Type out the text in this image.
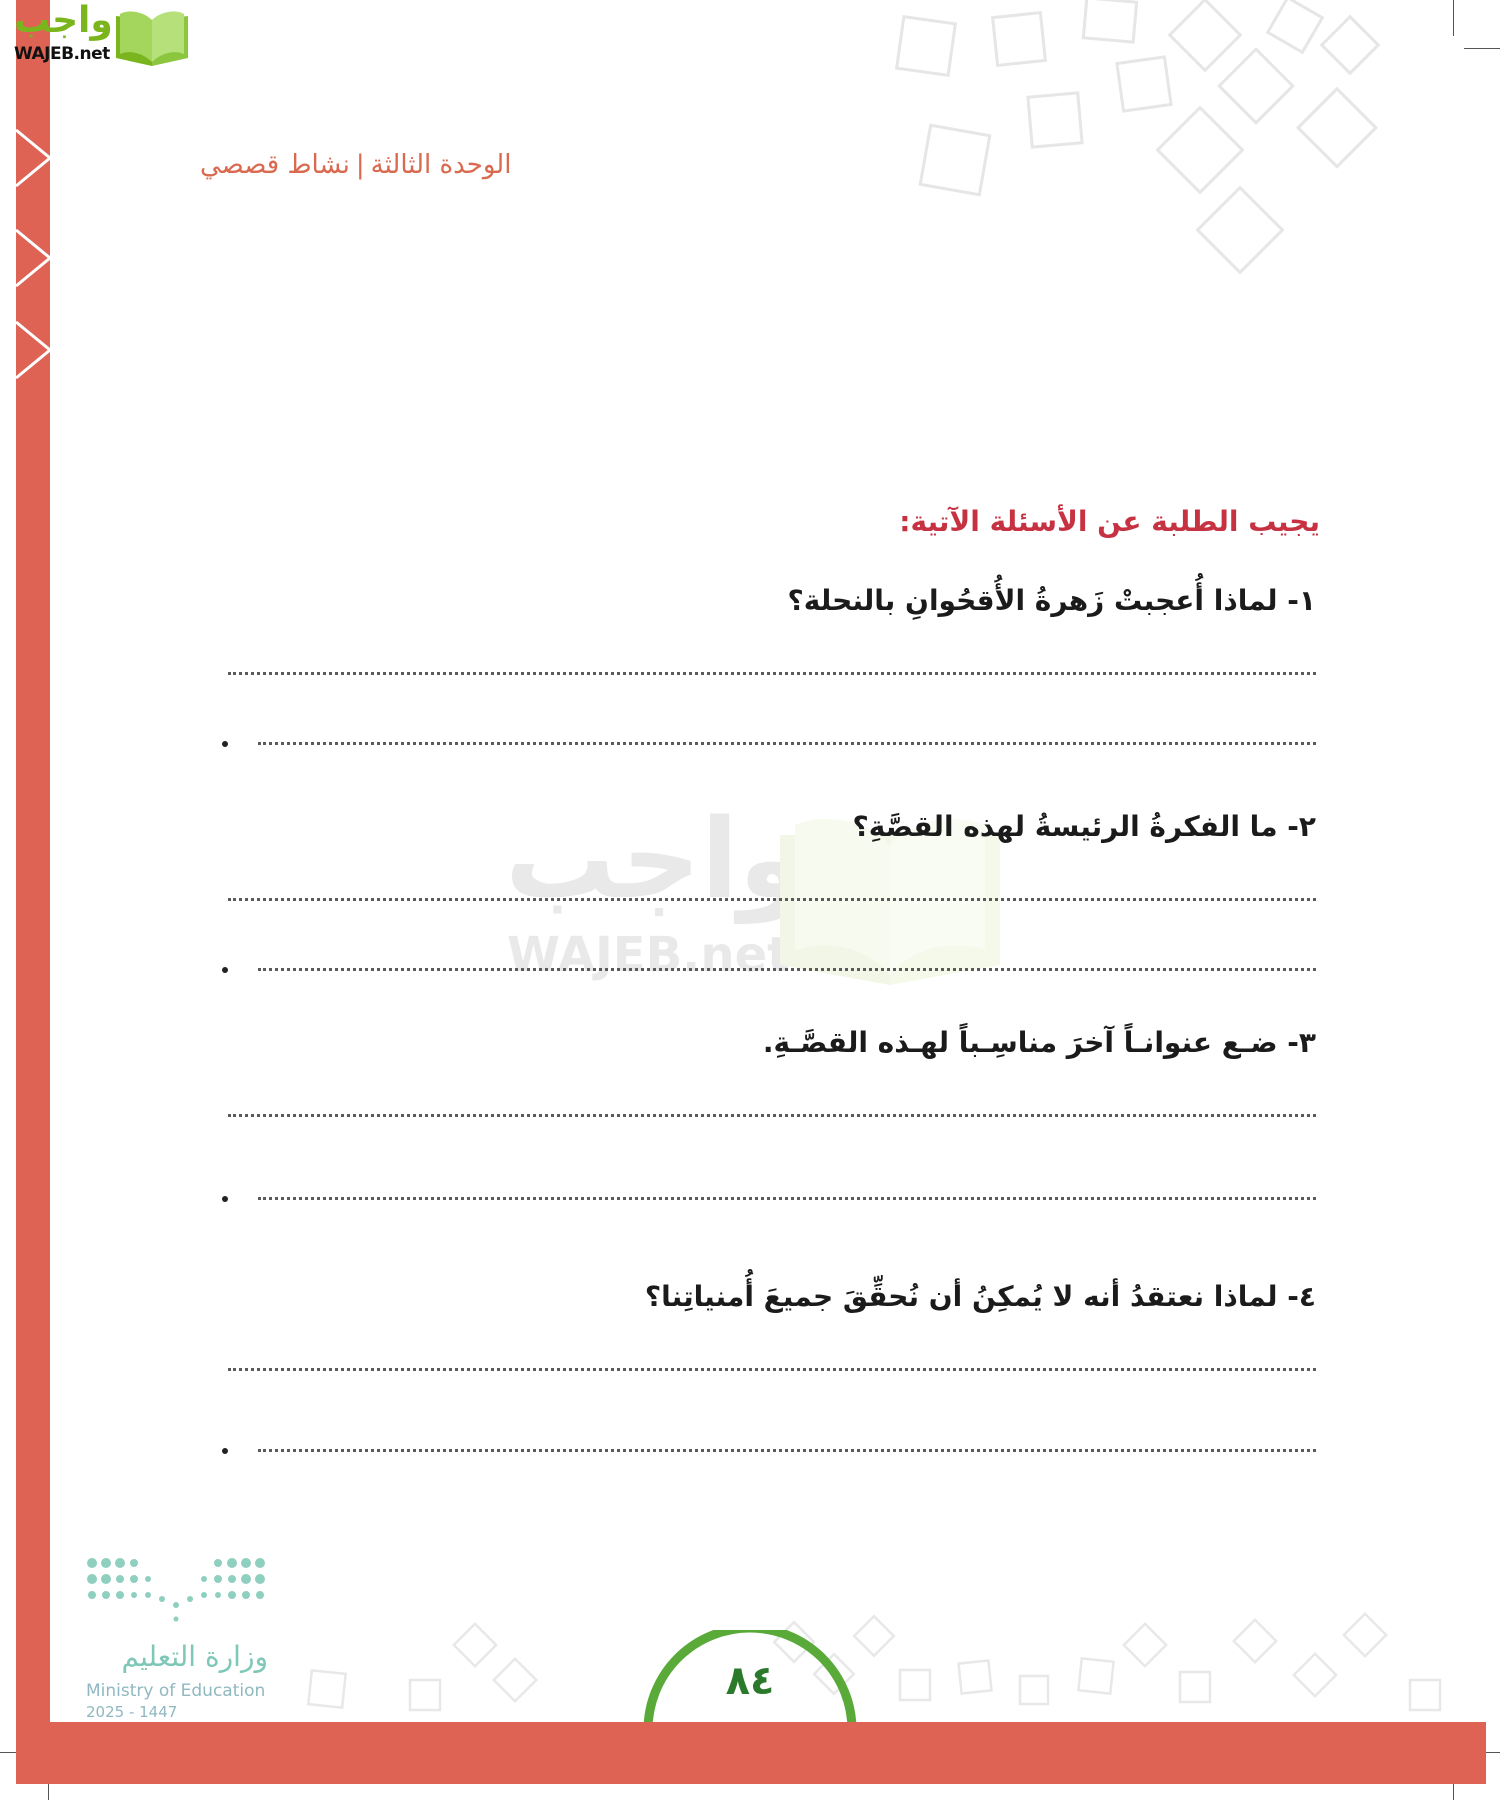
واجب
WAJEB.net
الوحدة الثالثة|نشاط قصصي
يجيب الطلبة عن الأسئلة الآتية:
واجب
WAJEB.net
١- لماذا أُعجبتْ زَهرةُ الأُقحُوانِ بالنحلة؟
٢- ما الفكرةُ الرئيسةُ لهذه القصَّةِ؟
٣- ضـع عنوانـاً آخرَ مناسِـباً لهـذه القصَّـةِ.
٤- لماذا نعتقدُ أنه لا يُمكِنُ أن نُحقِّقَ جميعَ أُمنياتِنا؟
٨٤
وزارة التعليم
Ministry of Education
2025 - 1447
